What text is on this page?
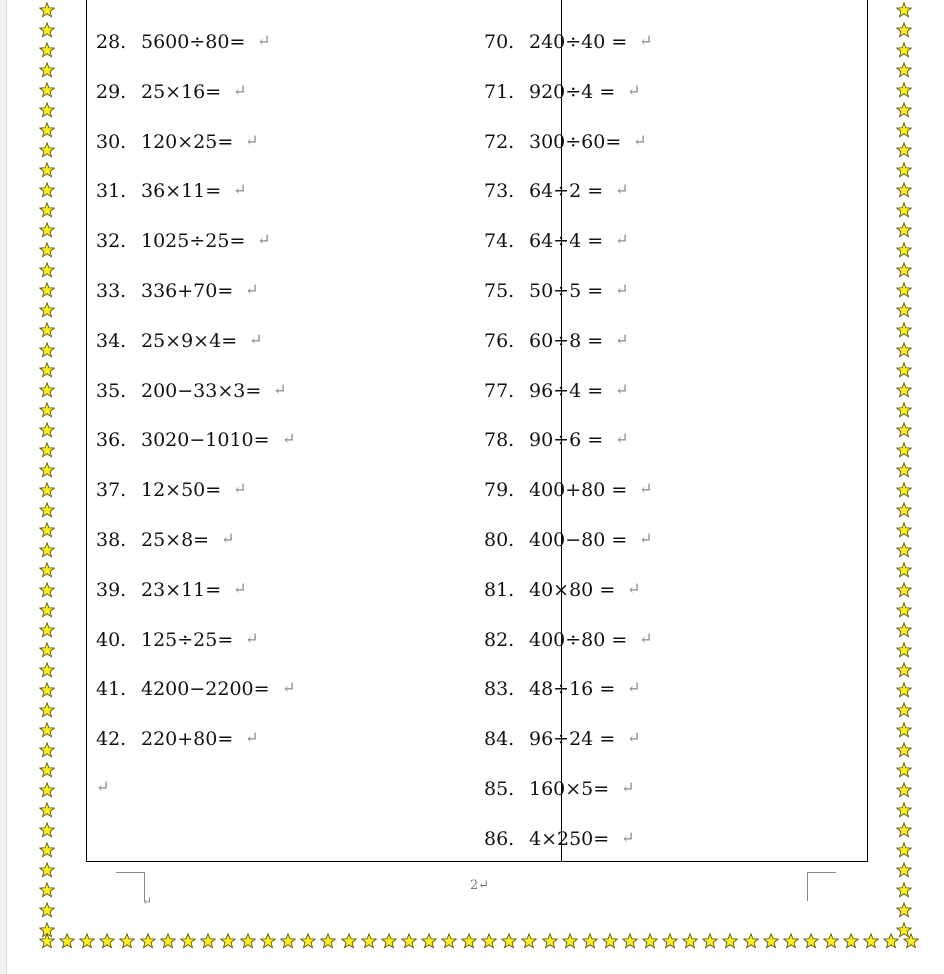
28. 5600÷80= ↵
29. 25×16= ↵
30. 120×25= ↵
31. 36×11= ↵
32. 1025÷25= ↵
33. 336+70= ↵
34. 25×9×4= ↵
35. 200−33×3= ↵
36. 3020−1010= ↵
37. 12×50= ↵
38. 25×8= ↵
39. 23×11= ↵
40. 125÷25= ↵
41. 4200−2200= ↵
42. 220+80= ↵
↵
70. 240÷40 = ↵
71. 920÷4 = ↵
72. 300÷60= ↵
73. 64÷2 = ↵
74. 64÷4 = ↵
75. 50÷5 = ↵
76. 60÷8 = ↵
77. 96÷4 = ↵
78. 90÷6 = ↵
79. 400+80 = ↵
80. 400−80 = ↵
81. 40×80 = ↵
82. 400÷80 = ↵
83. 48÷16 = ↵
84. 96÷24 = ↵
85. 160×5= ↵
86. 4×250= ↵
↵
2↵
